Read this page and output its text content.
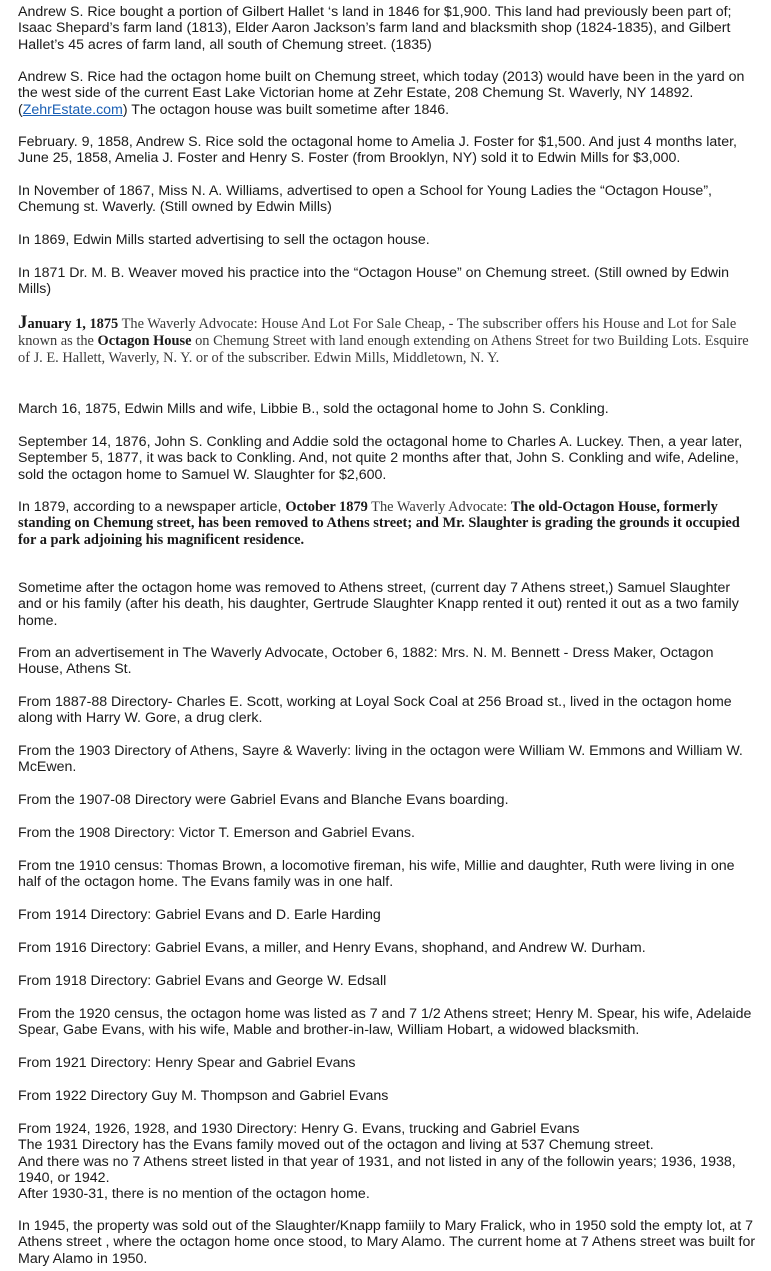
Andrew S. Rice bought a portion of Gilbert Hallet ‘s land in 1846 for $1,900. This land had previously been part of; Isaac Shepard’s farm land (1813), Elder Aaron Jackson’s farm land and blacksmith shop (1824-1835), and Gilbert Hallet’s 45 acres of farm land, all south of Chemung street. (1835)

Andrew S. Rice had the octagon home built on Chemung street, which today (2013) would have been in the yard on the west side of the current East Lake Victorian home at Zehr Estate, 208 Chemung St. Waverly, NY 14892. (ZehrEstate.com) The octagon house was built sometime after 1846.

February. 9, 1858, Andrew S. Rice sold the octagonal home to Amelia J. Foster for $1,500. And just 4 months later, June 25, 1858, Amelia J. Foster and Henry S. Foster (from Brooklyn, NY) sold it to Edwin Mills for $3,000.

In November of 1867, Miss N. A. Williams, advertised to open a School for Young Ladies the “Octagon House”, Chemung st. Waverly. (Still owned by Edwin Mills)

In 1869, Edwin Mills started advertising to sell the octagon house.

In 1871 Dr. M. B. Weaver moved his practice into the “Octagon House” on Chemung street. (Still owned by Edwin Mills)

January 1, 1875 The Waverly Advocate: House And Lot For Sale Cheap, - The subscriber offers his House and Lot for Sale known as the Octagon House on Chemung Street with land enough extending on Athens Street for two Building Lots. Esquire of J. E. Hallett, Waverly, N. Y. or of the subscriber. Edwin Mills, Middletown, N. Y.

March 16, 1875, Edwin Mills and wife, Libbie B., sold the octagonal home to John S. Conkling.

September 14, 1876, John S. Conkling and Addie sold the octagonal home to Charles A. Luckey. Then, a year later, September 5, 1877, it was back to Conkling. And, not quite 2 months after that, John S. Conkling and wife, Adeline, sold the octagon home to Samuel W. Slaughter for $2,600.

In 1879, according to a newspaper article, October 1879 The Waverly Advocate: The old-Octagon House, formerly standing on Chemung street, has been removed to Athens street; and Mr. Slaughter is grading the grounds it occupied for a park adjoining his magnificent residence.

Sometime after the octagon home was removed to Athens street, (current day 7 Athens street,) Samuel Slaughter and or his family (after his death, his daughter, Gertrude Slaughter Knapp rented it out) rented it out as a two family home.

From an advertisement in The Waverly Advocate, October 6, 1882: Mrs. N. M. Bennett - Dress Maker, Octagon House, Athens St.

From 1887-88 Directory- Charles E. Scott, working at Loyal Sock Coal at 256 Broad st., lived in the octagon home along with Harry W. Gore, a drug clerk.

From the 1903 Directory of Athens, Sayre & Waverly: living in the octagon were William W. Emmons and William W. McEwen.

From the 1907-08 Directory were Gabriel Evans and Blanche Evans boarding.

From the 1908 Directory: Victor T. Emerson and Gabriel Evans.

From tne 1910 census: Thomas Brown, a locomotive fireman, his wife, Millie and daughter, Ruth were living in one half of the octagon home. The Evans family was in one half.

From 1914 Directory: Gabriel Evans and D. Earle Harding

From 1916 Directory: Gabriel Evans, a miller, and Henry Evans, shophand, and Andrew W. Durham.

From 1918 Directory: Gabriel Evans and George W. Edsall

From the 1920 census, the octagon home was listed as 7 and 7 1/2 Athens street; Henry M. Spear, his wife, Adelaide Spear, Gabe Evans, with his wife, Mable and brother-in-law, William Hobart, a widowed blacksmith.

From 1921 Directory: Henry Spear and Gabriel Evans

From 1922 Directory Guy M. Thompson and Gabriel Evans

From 1924, 1926, 1928, and 1930 Directory: Henry G. Evans, trucking and Gabriel Evans
The 1931 Directory has the Evans family moved out of the octagon and living at 537 Chemung street.
And there was no 7 Athens street listed in that year of 1931, and not listed in any of the followin years; 1936, 1938, 1940, or 1942.
After 1930-31, there is no mention of the octagon home.

In 1945, the property was sold out of the Slaughter/Knapp famiily to Mary Fralick, who in 1950 sold the empty lot, at 7 Athens street , where the octagon home once stood, to Mary Alamo. The current home at 7 Athens street was built for Mary Alamo in 1950.
